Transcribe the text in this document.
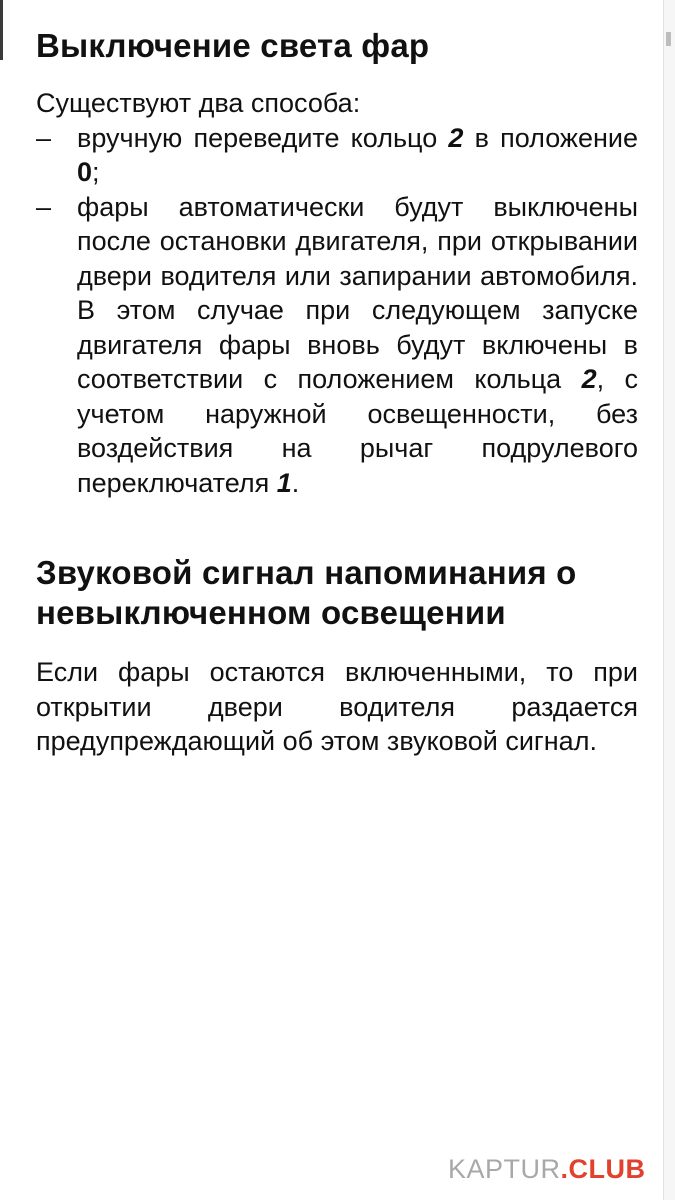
Выключение света фар

Существуют два способа:

– вручную переведите кольцо 2 в положение 0;
– фары автоматически будут выключены после остановки двигателя, при открывании двери водителя или запирании автомобиля. В этом случае при следующем запуске двигателя фары вновь будут включены в соответствии с положением кольца 2, с учетом наружной освещенности, без воздействия на рычаг подрулевого переключателя 1.
Звуковой сигнал напоминания о невыключенном освещении

Если фары остаются включенными, то при открытии двери водителя раздается предупреждающий об этом звуковой сигнал.

KAPTUR.CLUB
